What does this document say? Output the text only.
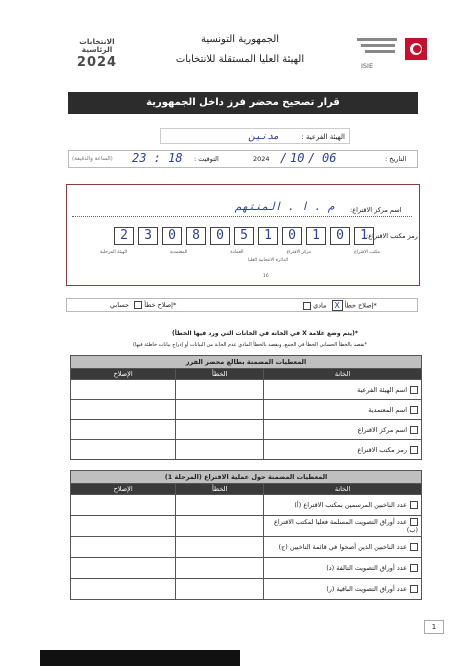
الانتخابات الرئاسية
2024
الجمهورية التونسية
الهيئة العليا المستقلة للانتخابات
ISIE
قرار تصحيح محضر فرز داخل الجمهورية
الهيئة الفرعية : مدنين
التاريخ :
06
/
10
/
2024
التوقيت :
23 : 18
(الساعة والدقيقة)
اسم مركز الاقتراع:
م . ا . المنتهم
رمز مكتب الاقتراع:
2	3	0	8	0	5	1	0	1	0	1
مكتب الاقتراع
مركز الاقتراع
العمادة
المعتمدية
الهيئة المرحلية
الدائرة الانتخابية العليا
16
*إصلاح خطأ X مادي
*إصلاح خطأ  حسابي
*(يتم وضع علامة X في الخانة في الخانات التي ورد فيها الخطأ)
*يقصد بالخطأ الحسابي الخطأ في الجمع، ويقصد بالخطأ المادي عدم الخانة من البيانات أو إدراج بيانات خاطئة فيها)
المعطيات المضمنة بطالع محضر الفرز		
الخانة	الخطأ	الإصلاح
اسم الهيئة الفرعية		
اسم المعتمدية		
اسم مركز الاقتراع		
رمز مكتب الاقتراع		
المعطيات المضمنة حول عملية الاقتراع (المرحلة 1)		
الخانة	الخطأ	الإصلاح
عدد الناخبين المرسمين بمكتب الاقتراع (أ)		
عدد أوراق التصويت المسلمة فعليا لمكتب الاقتراع (ب)		
عدد الناخبين الذين أصحوا في قائمة الناخبين (ج)		
عدد أوراق التصويت التالفة (د)		
عدد أوراق التصويت الباقية (ر)		
1
